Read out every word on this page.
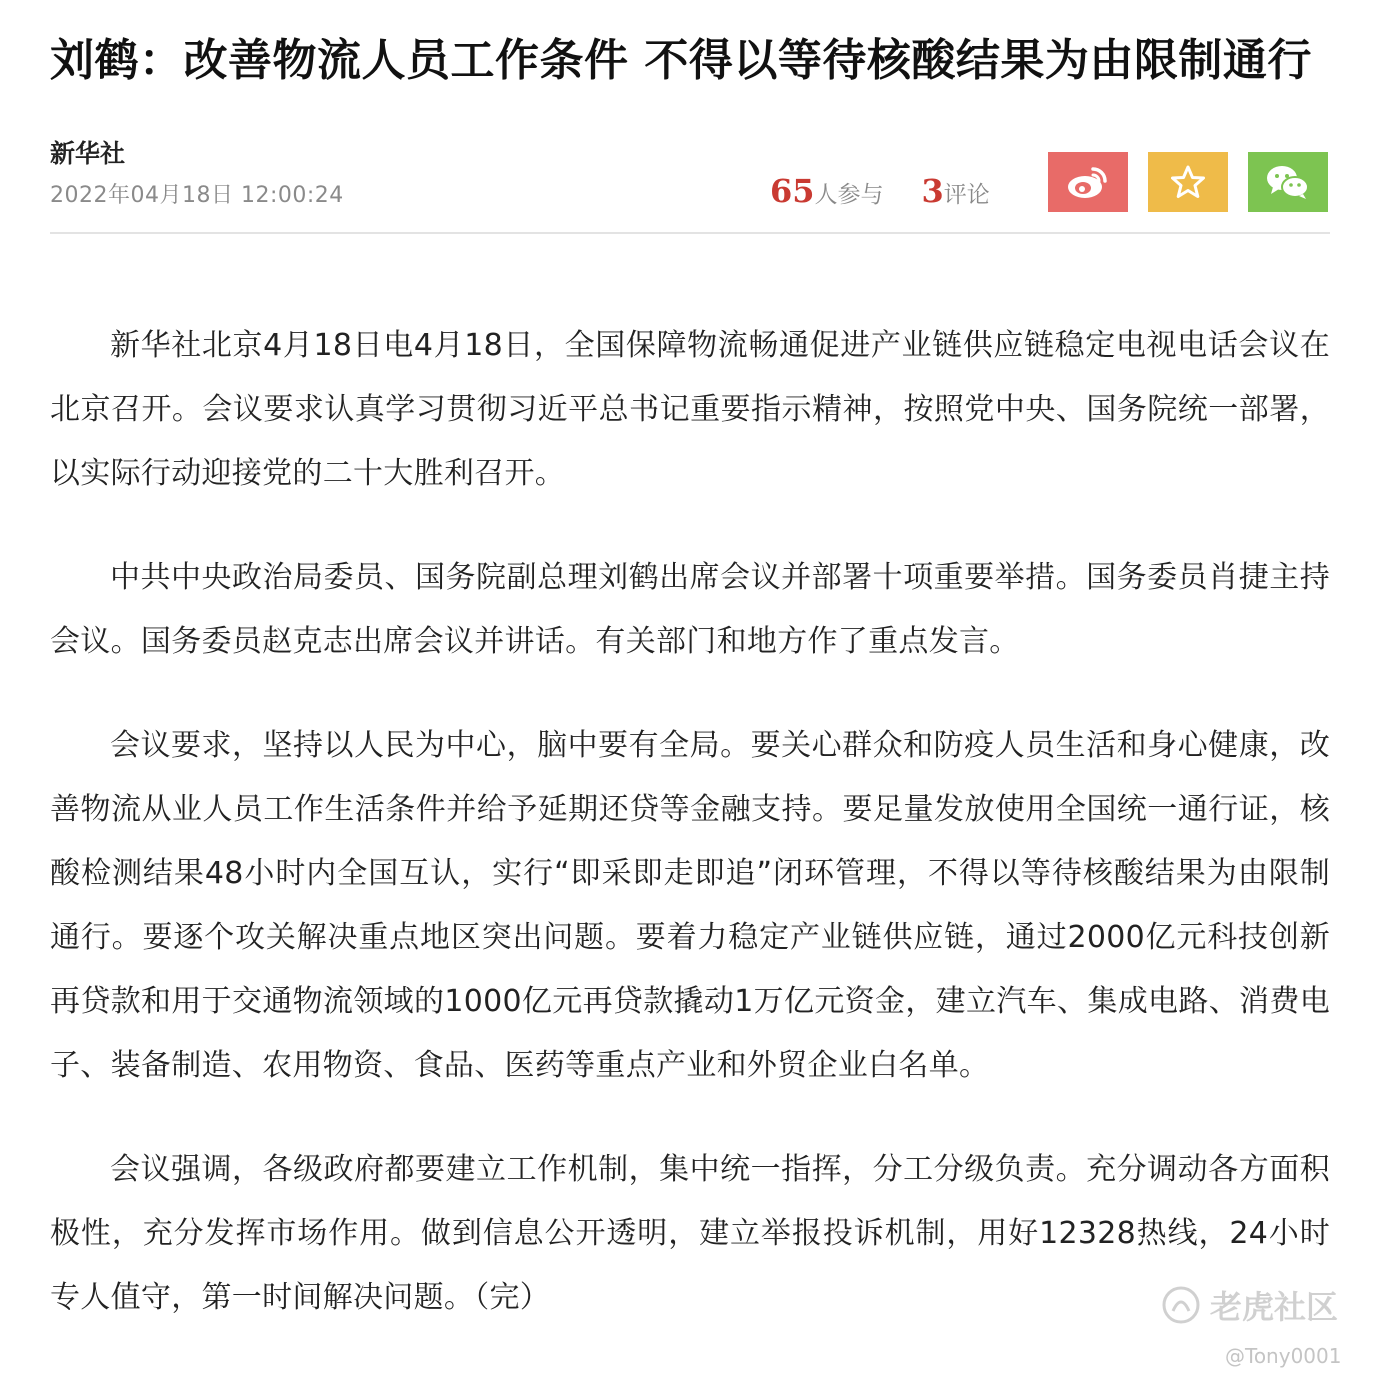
刘鹤：改善物流人员工作条件 不得以等待核酸结果为由限制通行
新华社
2022年04月18日 12:00:24	65人参与 3评论

新华社北京4月18日电4月18日，全国保障物流畅通促进产业链供应链稳定电视电话会议在北京召开。会议要求认真学习贯彻习近平总书记重要指示精神，按照党中央、国务院统一部署，以实际行动迎接党的二十大胜利召开。

中共中央政治局委员、国务院副总理刘鹤出席会议并部署十项重要举措。国务委员肖捷主持会议。国务委员赵克志出席会议并讲话。有关部门和地方作了重点发言。

会议要求，坚持以人民为中心，脑中要有全局。要关心群众和防疫人员生活和身心健康，改善物流从业人员工作生活条件并给予延期还贷等金融支持。要足量发放使用全国统一通行证，核酸检测结果48小时内全国互认，实行“即采即走即追”闭环管理，不得以等待核酸结果为由限制通行。要逐个攻关解决重点地区突出问题。要着力稳定产业链供应链，通过2000亿元科技创新再贷款和用于交通物流领域的1000亿元再贷款撬动1万亿元资金，建立汽车、集成电路、消费电子、装备制造、农用物资、食品、医药等重点产业和外贸企业白名单。

会议强调，各级政府都要建立工作机制，集中统一指挥，分工分级负责。充分调动各方面积极性，充分发挥市场作用。做到信息公开透明，建立举报投诉机制，用好12328热线，24小时专人值守，第一时间解决问题。（完）	老虎社区
@Tony0001
